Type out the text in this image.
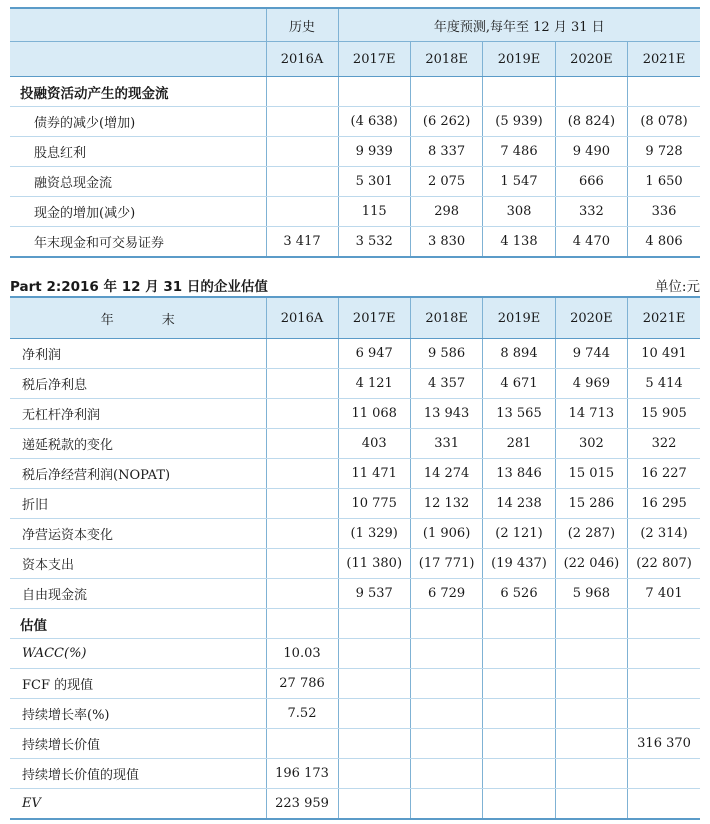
	历史	年度预测,每年至 12 月 31 日				
	2016A	2017E	2018E	2019E	2020E	2021E
投融资活动产生的现金流						
债券的减少(增加)		(4 638)	(6 262)	(5 939)	(8 824)	(8 078)
股息红利		9 939	8 337	7 486	9 490	9 728
融资总现金流		5 301	2 075	1 547	666	1 650
现金的增加(减少)		115	298	308	332	336
年末现金和可交易证券	3 417	3 532	3 830	4 138	4 470	4 806
Part 2:2016 年 12 月 31 日的企业估值	单位:元
年 末	2016A	2017E	2018E	2019E	2020E	2021E
净利润		6 947	9 586	8 894	9 744	10 491
税后净利息		4 121	4 357	4 671	4 969	5 414
无杠杆净利润		11 068	13 943	13 565	14 713	15 905
递延税款的变化		403	331	281	302	322
税后净经营利润(NOPAT)		11 471	14 274	13 846	15 015	16 227
折旧		10 775	12 132	14 238	15 286	16 295
净营运资本变化		(1 329)	(1 906)	(2 121)	(2 287)	(2 314)
资本支出		(11 380)	(17 771)	(19 437)	(22 046)	(22 807)
自由现金流		9 537	6 729	6 526	5 968	7 401
估值						
WACC(%)	10.03					
FCF 的现值	27 786					
持续增长率(%)	7.52					
持续增长价值						316 370
持续增长价值的现值	196 173					
EV	223 959					
